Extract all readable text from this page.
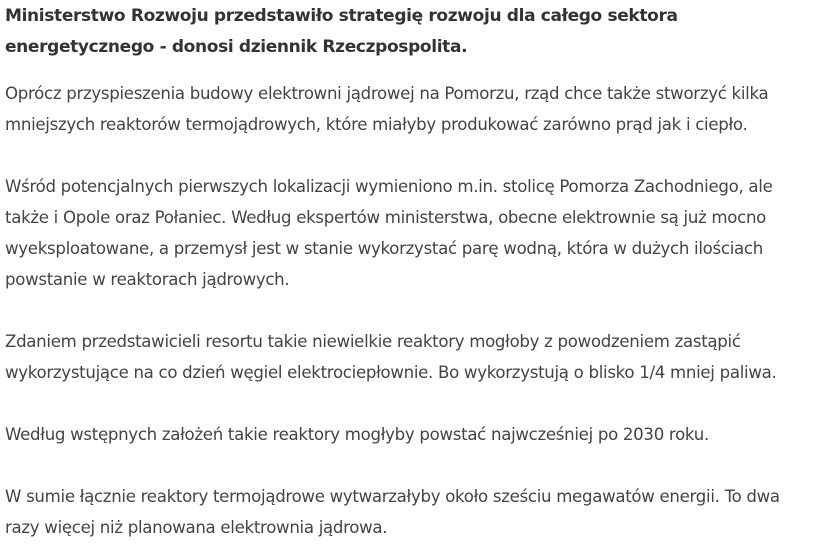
Ministerstwo Rozwoju przedstawiło strategię rozwoju dla całego sektora energetycznego - donosi dziennik Rzeczpospolita.

Oprócz przyspieszenia budowy elektrowni jądrowej na Pomorzu, rząd chce także stworzyć kilka mniejszych reaktorów termojądrowych, które miałyby produkować zarówno prąd jak i ciepło.

Wśród potencjalnych pierwszych lokalizacji wymieniono m.in. stolicę Pomorza Zachodniego, ale także i Opole oraz Połaniec. Według ekspertów ministerstwa, obecne elektrownie są już mocno wyeksploatowane, a przemysł jest w stanie wykorzystać parę wodną, która w dużych ilościach powstanie w reaktorach jądrowych.

Zdaniem przedstawicieli resortu takie niewielkie reaktory mogłoby z powodzeniem zastąpić wykorzystujące na co dzień węgiel elektrociepłownie. Bo wykorzystują o blisko 1/4 mniej paliwa.

Według wstępnych założeń takie reaktory mogłyby powstać najwcześniej po 2030 roku.

W sumie łącznie reaktory termojądrowe wytwarzałyby około sześciu megawatów energii. To dwa razy więcej niż planowana elektrownia jądrowa.
